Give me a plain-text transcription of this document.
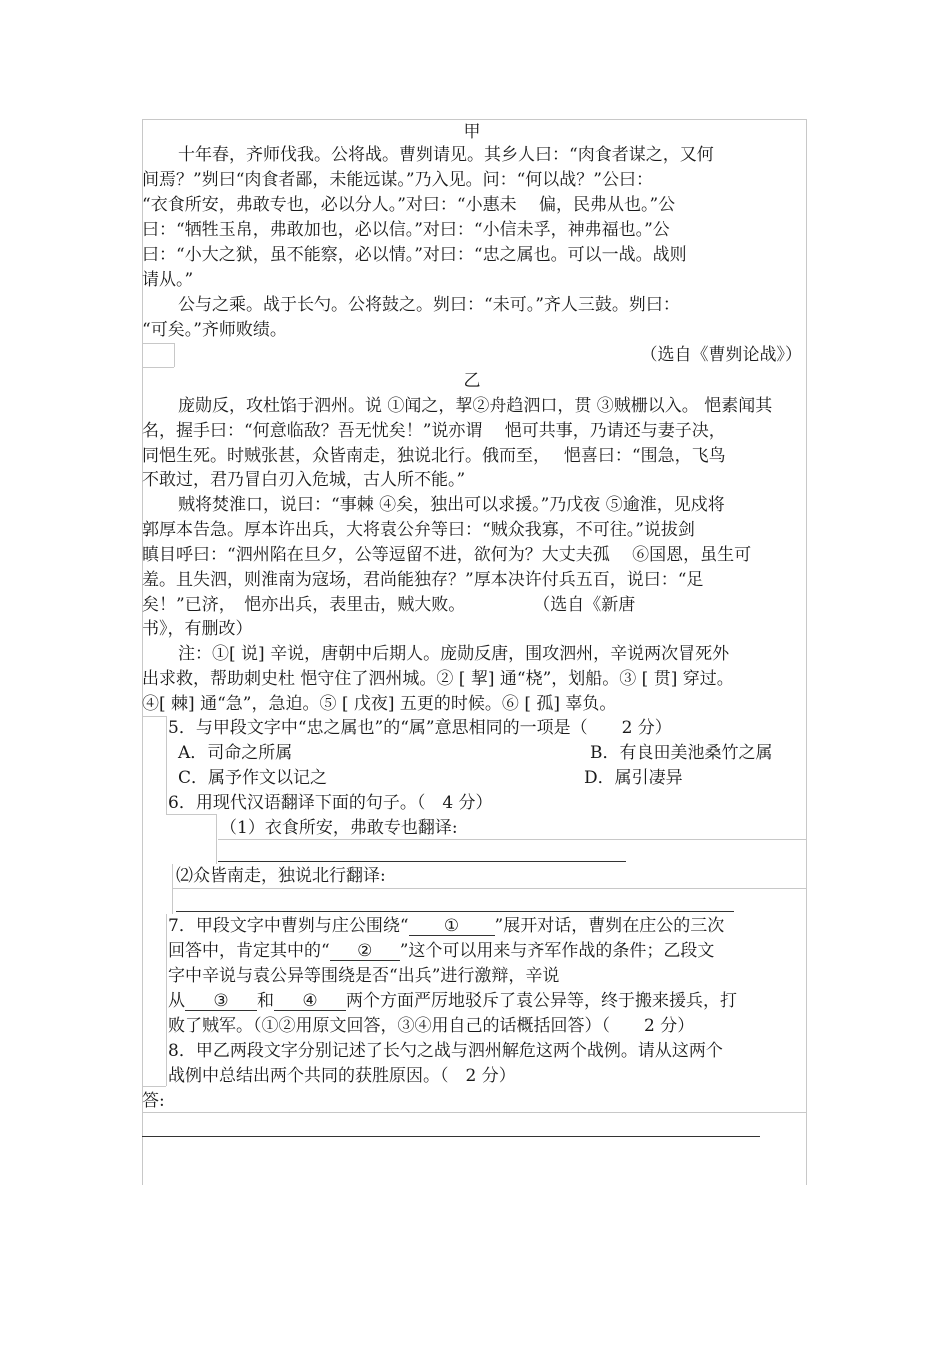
甲
十年春，齐师伐我。公将战。曹刿请见。其乡人曰：“肉食者谋之，又何
间焉？”刿曰“肉食者鄙，未能远谋。”乃入见。问：“何以战？”公曰：
“衣食所安，弗敢专也，必以分人。”对曰：“小惠未　 偏，民弗从也。”公
曰：“牺牲玉帛，弗敢加也，必以信。”对曰：“小信未孚，神弗福也。”公
曰：“小大之狱，虽不能察，必以情。”对曰：“忠之属也。可以一战。战则
请从。”
公与之乘。战于长勺。公将鼓之。刿曰：“未可。”齐人三鼓。刿曰：
“可矣。”齐师败绩。
（选自《曹刿论战》）
乙
庞勋反，攻杜馅于泗州。说 ①闻之，挈②舟趋泗口，贯 ③贼栅以入。 悒素闻其
名，握手曰：“何意临敌？吾无忧矣！”说亦谓　 悒可共事，乃请还与妻子决，
同悒生死。时贼张甚，众皆南走，独说北行。俄而至，　 悒喜曰：“围急，飞鸟
不敢过，君乃冒白刃入危城，古人所不能。”
贼将焚淮口，说曰：“事棘 ④矣，独出可以求援。”乃戊夜 ⑤逾淮，见戍将
郭厚本告急。厚本许出兵，大将袁公弁等曰：“贼众我寡，不可往。”说拔剑
瞋目呼曰：“泗州陷在旦夕，公等逗留不进，欲何为？大丈夫孤　 ⑥国恩，虽生可
羞。且失泗，则淮南为寇场，君尚能独存？”厚本决许付兵五百，说曰：“足
矣！”已济，　悒亦出兵，表里击，贼大败。　　　　　（选自《新唐
书》，有删改）
注：①[ 说] 辛说，唐朝中后期人。庞勋反唐，围攻泗州，辛说两次冒死外
出求救，帮助刺史杜 悒守住了泗州城。② [ 挈] 通“桡”，划船。③ [ 贯] 穿过。
④[ 棘] 通“急”，急迫。⑤ [ 戊夜] 五更的时候。⑥ [ 孤] 辜负。
5．与甲段文字中“忠之属也”的“属”意思相同的一项是（　　2 分）
A．司命之所属	B．有良田美池桑竹之属
C．属予作文以记之	D．属引凄异
6．用现代汉语翻译下面的句子。（　4 分）
（1）衣食所安，弗敢专也翻译:
⑵众皆南走，独说北行翻译:
7．甲段文字中曹刿与庄公围绕“ ① ”展开对话，曹刿在庄公的三次
回答中，肯定其中的“ ② ”这个可以用来与齐军作战的条件；乙段文
字中辛说与袁公异等围绕是否“出兵”进行激辩，辛说
从 ③ 和 ④ 两个方面严厉地驳斥了袁公异等，终于搬来援兵，打
败了贼军。（①②用原文回答，③④用自己的话概括回答）（　　2 分）
8．甲乙两段文字分别记述了长勺之战与泗州解危这两个战例。请从这两个
战例中总结出两个共同的获胜原因。（　2 分）
答:
